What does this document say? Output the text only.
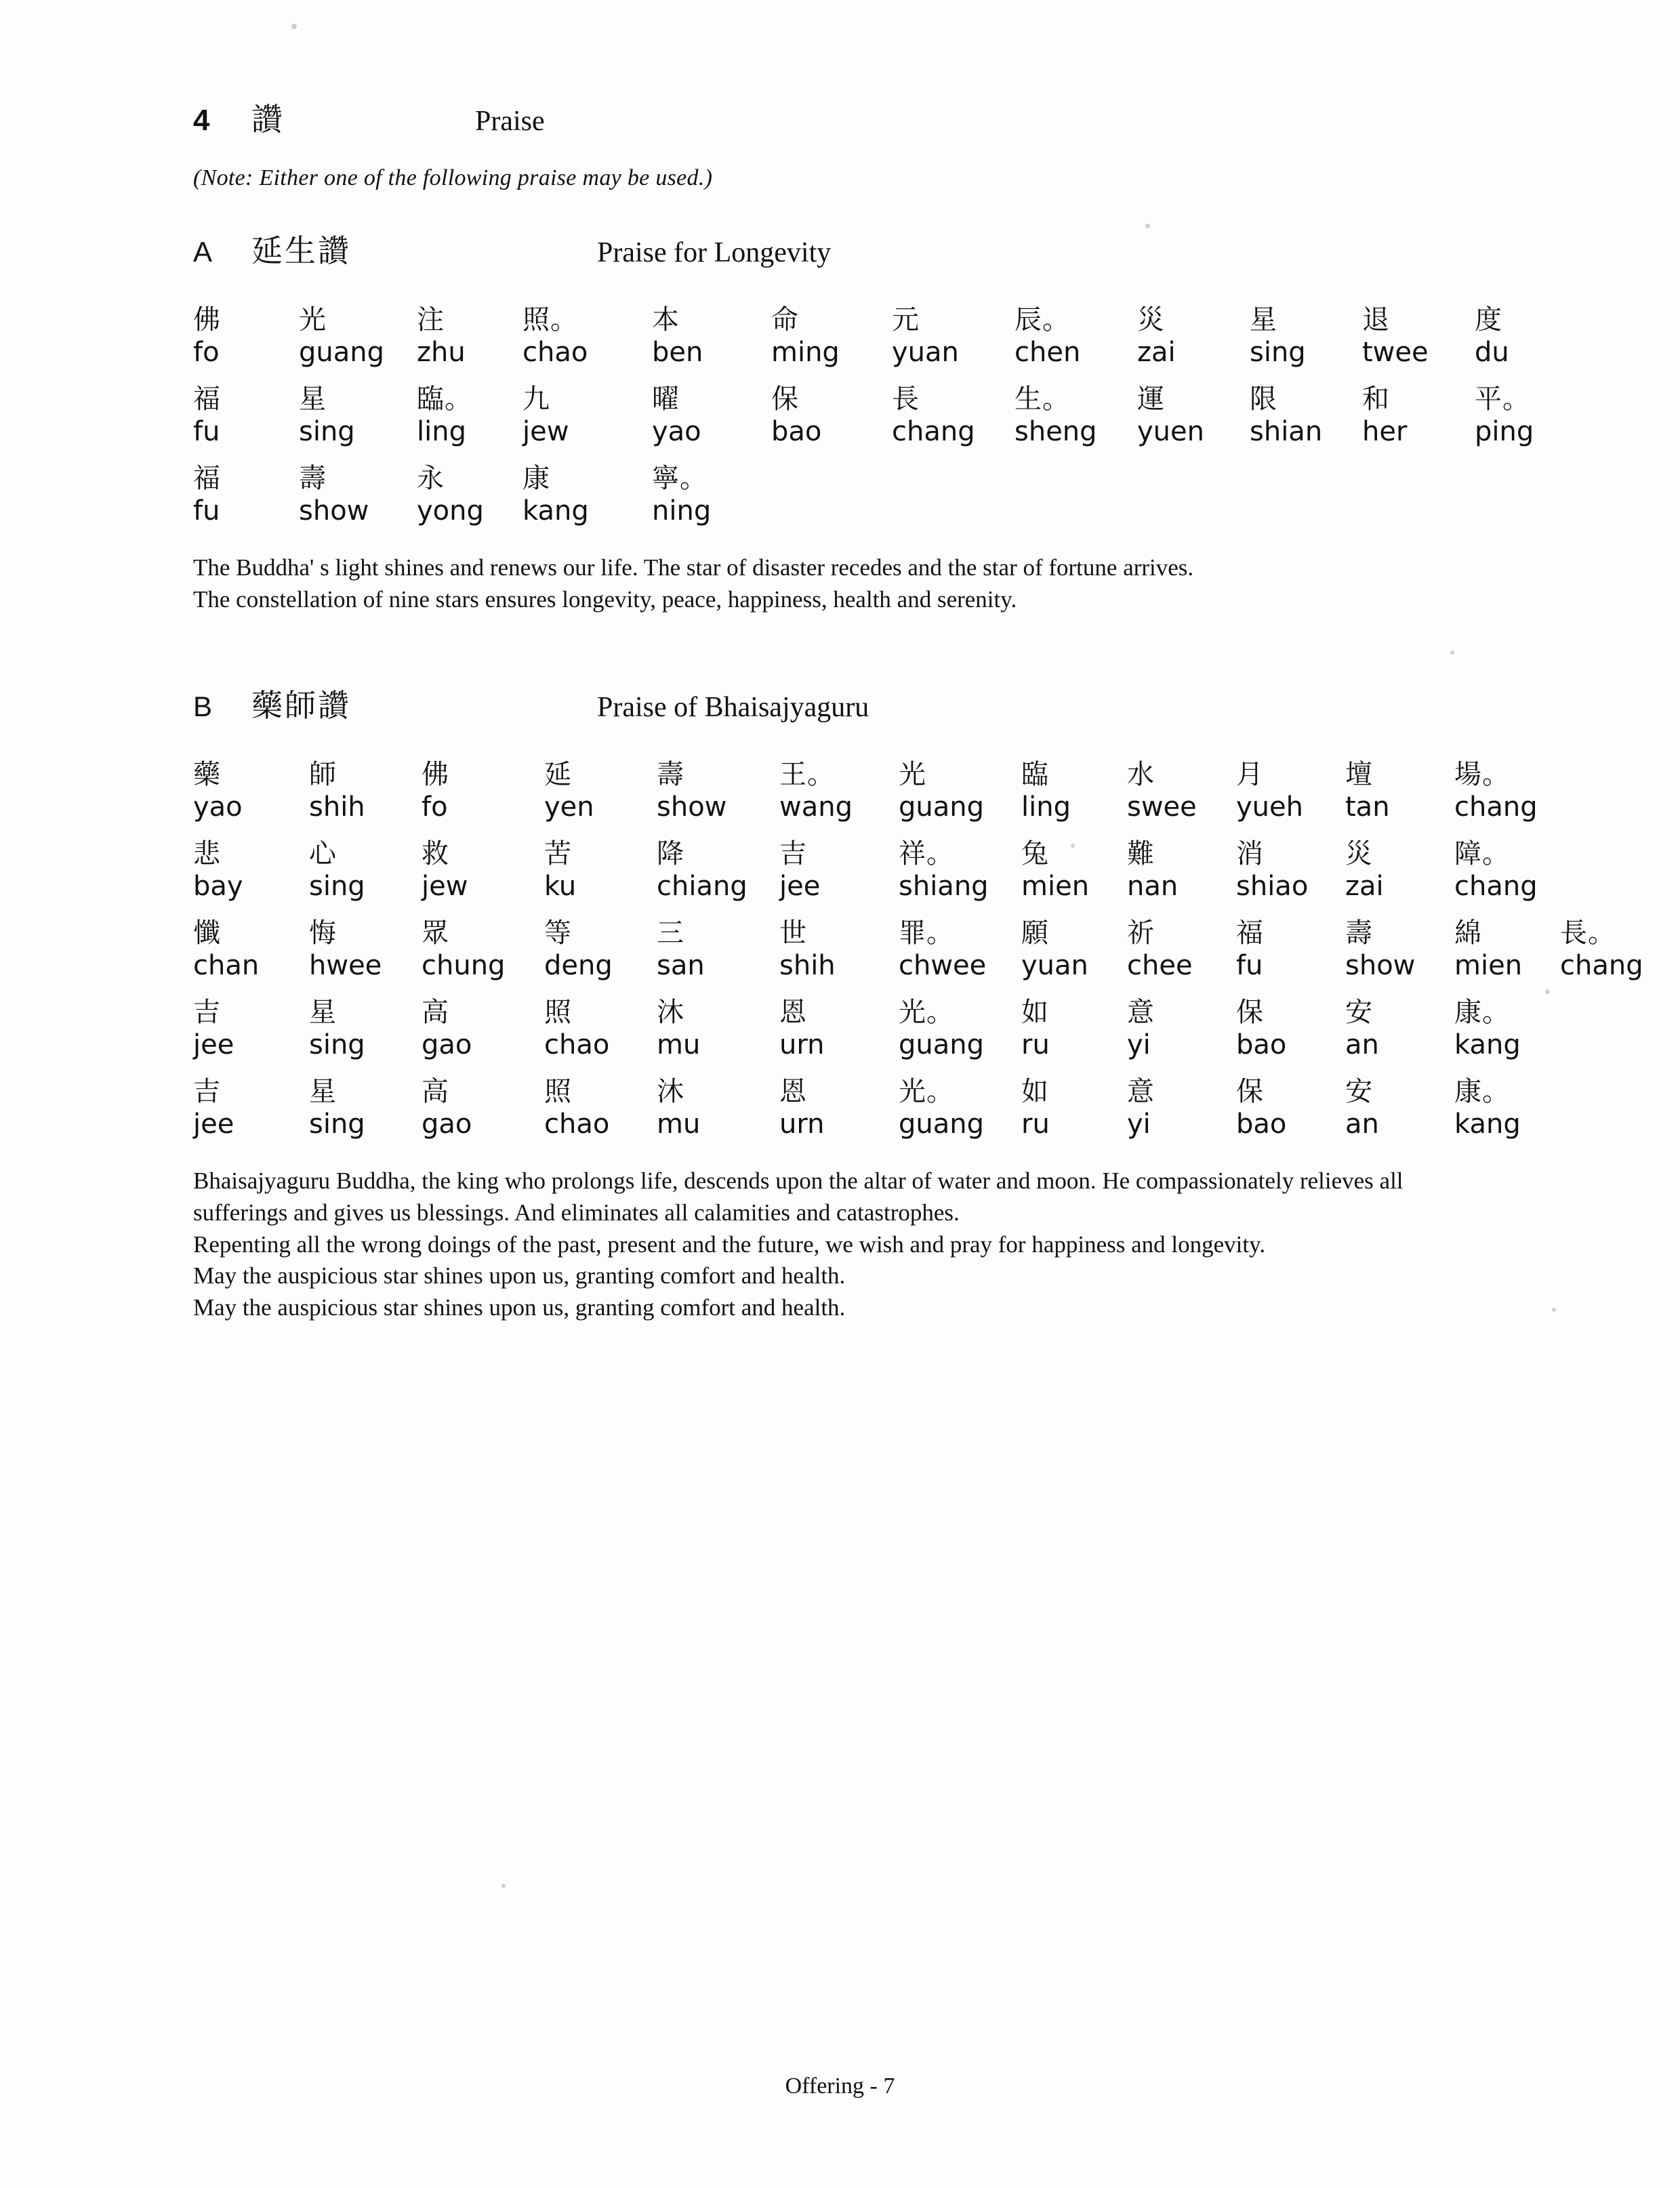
4	讚	Praise
(Note: Either one of the following praise may be used.)
A	延生讚	Praise for Longevity
佛	光	注	照。	本	命	元	辰。	災	星	退	度
fo	guang	zhu	chao	ben	ming	yuan	chen	zai	sing	twee	du
福	星	臨。	九	曜	保	長	生。	運	限	和	平。
fu	sing	ling	jew	yao	bao	chang	sheng	yuen	shian	her	ping
福	壽	永	康	寧。							
fu	show	yong	kang	ning							

The Buddha' s light shines and renews our life. The star of disaster recedes and the star of fortune arrives.

The constellation of nine stars ensures longevity, peace, happiness, health and serenity.

B	藥師讚	Praise of Bhaisajyaguru
藥	師	佛	延	壽	王。	光	臨	水	月	壇	場。	
yao	shih	fo	yen	show	wang	guang	ling	swee	yueh	tan	chang	
悲	心	救	苦	降	吉	祥。	兔	難	消	災	障。	
bay	sing	jew	ku	chiang	jee	shiang	mien	nan	shiao	zai	chang	
懺	悔	眾	等	三	世	罪。	願	祈	福	壽	綿	長。
chan	hwee	chung	deng	san	shih	chwee	yuan	chee	fu	show	mien	chang
吉	星	高	照	沐	恩	光。	如	意	保	安	康。	
jee	sing	gao	chao	mu	urn	guang	ru	yi	bao	an	kang	
吉	星	高	照	沐	恩	光。	如	意	保	安	康。	
jee	sing	gao	chao	mu	urn	guang	ru	yi	bao	an	kang	

Bhaisajyaguru Buddha, the king who prolongs life, descends upon the altar of water and moon. He compassionately relieves all sufferings and gives us blessings. And eliminates all calamities and catastrophes.

Repenting all the wrong doings of the past, present and the future, we wish and pray for happiness and longevity.

May the auspicious star shines upon us, granting comfort and health.

May the auspicious star shines upon us, granting comfort and health.

Offering - 7
